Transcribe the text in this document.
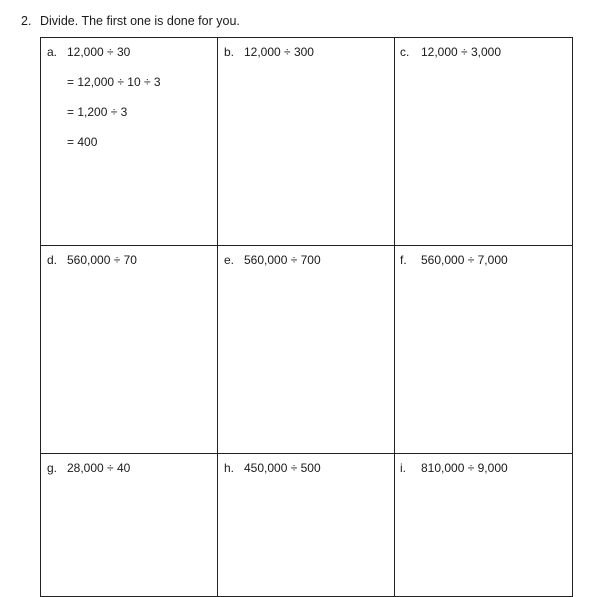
2. Divide. The first one is done for you.
a. 12,000 ÷ 30
= 12,000 ÷ 10 ÷ 3
= 1,200 ÷ 3
= 400
b. 12,000 ÷ 300	c. 12,000 ÷ 3,000
d. 560,000 ÷ 70	e. 560,000 ÷ 700	f. 560,000 ÷ 7,000
g. 28,000 ÷ 40	h. 450,000 ÷ 500	i. 810,000 ÷ 9,000
